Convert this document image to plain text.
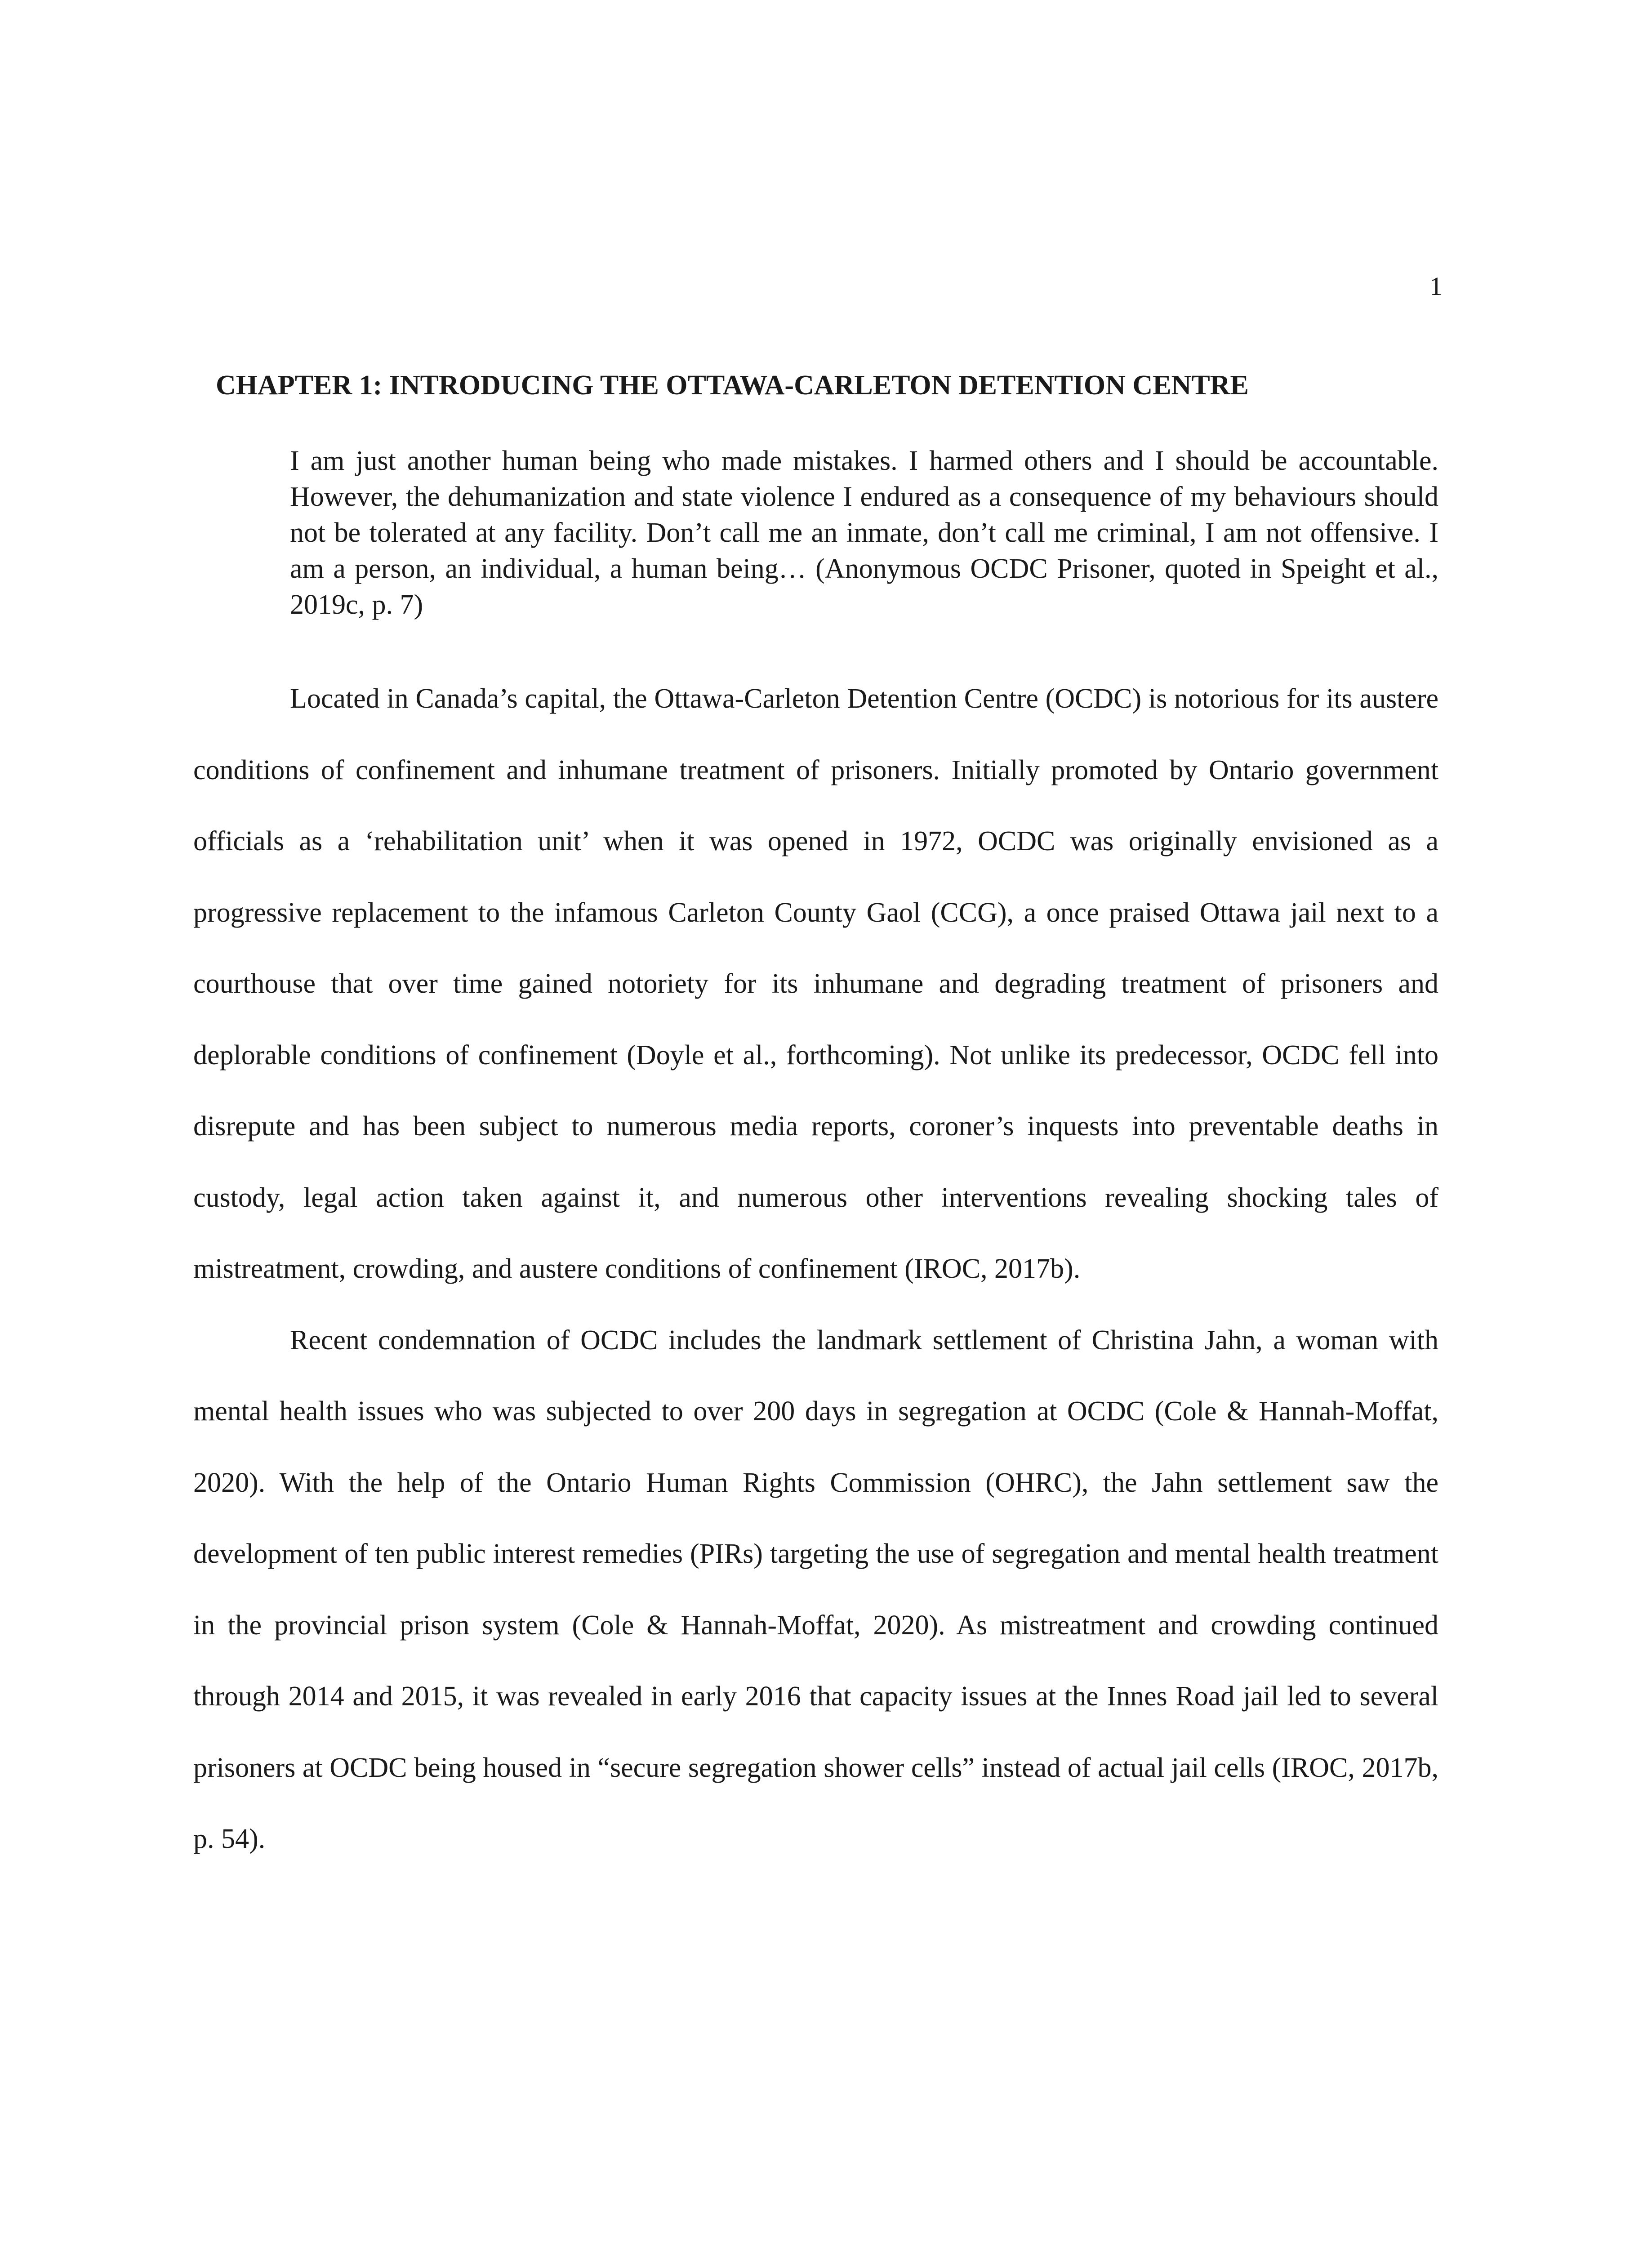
1
CHAPTER 1: INTRODUCING THE OTTAWA-CARLETON DETENTION CENTRE
I am just another human being who made mistakes. I harmed others and I should be accountable. However, the dehumanization and state violence I endured as a consequence of my behaviours should not be tolerated at any facility. Don’t call me an inmate, don’t call me criminal, I am not offensive. I am a person, an individual, a human being… (Anonymous OCDC Prisoner, quoted in Speight et al., 2019c, p. 7)

Located in Canada’s capital, the Ottawa-Carleton Detention Centre (OCDC) is notorious for its austere conditions of confinement and inhumane treatment of prisoners. Initially promoted by Ontario government officials as a ‘rehabilitation unit’ when it was opened in 1972, OCDC was originally envisioned as a progressive replacement to the infamous Carleton County Gaol (CCG), a once praised Ottawa jail next to a courthouse that over time gained notoriety for its inhumane and degrading treatment of prisoners and deplorable conditions of confinement (Doyle et al., forthcoming). Not unlike its predecessor, OCDC fell into disrepute and has been subject to numerous media reports, coroner’s inquests into preventable deaths in custody, legal action taken against it, and numerous other interventions revealing shocking tales of mistreatment, crowding, and austere conditions of confinement (IROC, 2017b).

Recent condemnation of OCDC includes the landmark settlement of Christina Jahn, a woman with mental health issues who was subjected to over 200 days in segregation at OCDC (Cole & Hannah-Moffat, 2020). With the help of the Ontario Human Rights Commission (OHRC), the Jahn settlement saw the development of ten public interest remedies (PIRs) targeting the use of segregation and mental health treatment in the provincial prison system (Cole & Hannah-Moffat, 2020). As mistreatment and crowding continued through 2014 and 2015, it was revealed in early 2016 that capacity issues at the Innes Road jail led to several prisoners at OCDC being housed in “secure segregation shower cells” instead of actual jail cells (IROC, 2017b, p. 54).
